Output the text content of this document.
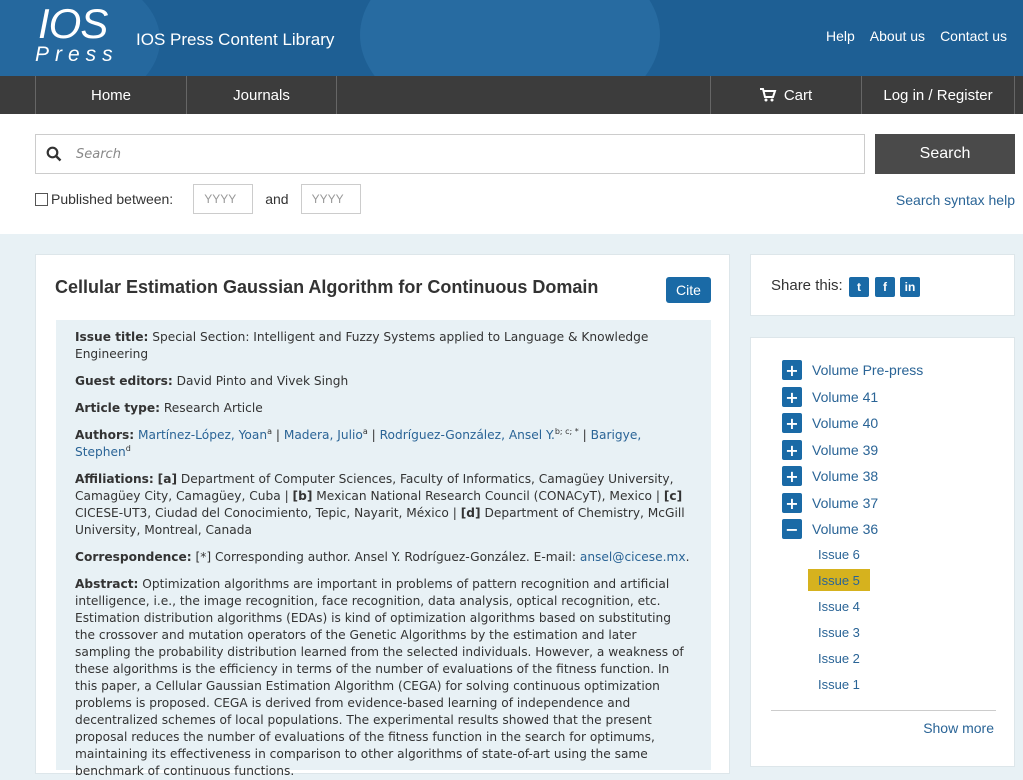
IOS
Press
IOS Press Content Library	Help About us Contact us
Home	Journals	Cart	Log in / Register
Search
Search
Published between:
YYYY	and
YYYY	Search syntax help
Cellular Estimation Gaussian Algorithm for Continuous Domain	Cite
Issue title: Special Section: Intelligent and Fuzzy Systems applied to Language & Knowledge Engineering
Guest editors: David Pinto and Vivek Singh
Article type: Research Article
Authors: Martínez-López, Yoan$^a$ | Madera, Julio$^a$ | Rodríguez-González, Ansel Y.$^{b; c; *}$ | Barigye, Stephen$^d$
Affiliations: [a] Department of Computer Sciences, Faculty of Informatics, Camagüey University, Camagüey City, Camagüey, Cuba | [b] Mexican National Research Council (CONACyT), Mexico | [c] CICESE-UT3, Ciudad del Conocimiento, Tepic, Nayarit, México | [d] Department of Chemistry, McGill University, Montreal, Canada
Correspondence: [*] Corresponding author. Ansel Y. Rodríguez-González. E-mail: ansel@cicese.mx.
Abstract: Optimization algorithms are important in problems of pattern recognition and artificial intelligence, i.e., the image recognition, face recognition, data analysis, optical recognition, etc. Estimation distribution algorithms (EDAs) is kind of optimization algorithms based on substituting the crossover and mutation operators of the Genetic Algorithms by the estimation and later sampling the probability distribution learned from the selected individuals. However, a weakness of these algorithms is the efficiency in terms of the number of evaluations of the fitness function. In this paper, a Cellular Gaussian Estimation Algorithm (CEGA) for solving continuous optimization problems is proposed. CEGA is derived from evidence-based learning of independence and decentralized schemes of local populations. The experimental results showed that the present proposal reduces the number of evaluations of the fitness function in the search for optimums, maintaining its effectiveness in comparison to other algorithms of state-of-art using the same benchmark of continuous functions.
Share this:	t	f	in
+ Volume Pre-press
+ Volume 41
+ Volume 40
+ Volume 39
+ Volume 38
+ Volume 37
− Volume 36
Issue 6
Issue 5
Issue 4
Issue 3
Issue 2
Issue 1
Show more
